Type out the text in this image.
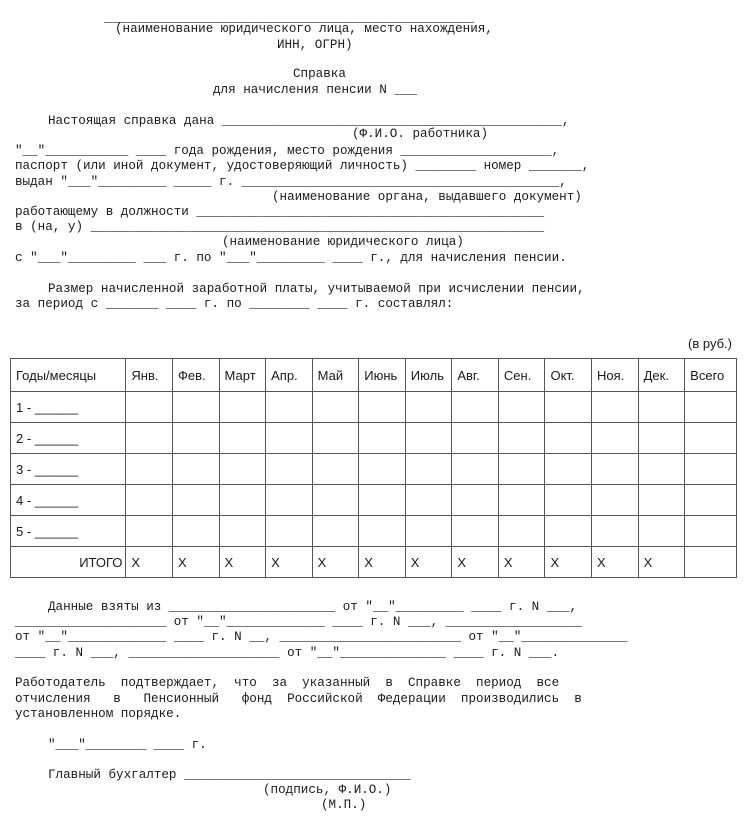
_________________________________________________
(наименование юридического лица, место нахождения,
ИНН, ОГРН)
Справка
для начисления пенсии N ___
Настоящая справка дана _____________________________________________,
(Ф.И.О. работника)
"__"___________ ____ года рождения, место рождения ____________________,
паспорт (или иной документ, удостоверяющий личность) ________ номер _______,
выдан "___"_________ _____ г. __________________________________________,
(наименование органа, выдавшего документ)
работающему в должности ______________________________________________
в (на, у) ____________________________________________________________
(наименование юридического лица)
с "___"_________ ___ г. по "___"_________ ____ г., для начисления пенсии.
Размер начисленной заработной платы, учитываемой при исчислении пенсии,
за период с _______ ____ г. по ________ ____ г. составлял:
(в руб.)
Годы/месяцы	Янв.	Фев.	Март	Апр.	Май	Июнь	Июль	Авг.	Сен.	Окт.	Ноя.	Дек.	Всего
1 - ______													
2 - ______													
3 - ______													
4 - ______													
5 - ______													
ИТОГО	X	X	X	X	X	X	X	X	X	X	X	X	
Данные взяты из ______________________ от "__"_________ ____ г. N ___,
____________________ от "__"_____________ ____ г. N ___, __________________
от "__"_____________ ____ г. N __, ________________________ от "__"______________
____ г. N ___, ____________________ от "__"______________ ____ г. N ___.
Работодатель  подтверждает,  что  за  указанный  в  Справке  период  все
отчисления   в   Пенсионный   фонд  Российской  Федерации  производились  в
установленном порядке.
"___"________ ____ г.
Главный бухгалтер ______________________________
(подпись, Ф.И.О.)
(М.П.)
